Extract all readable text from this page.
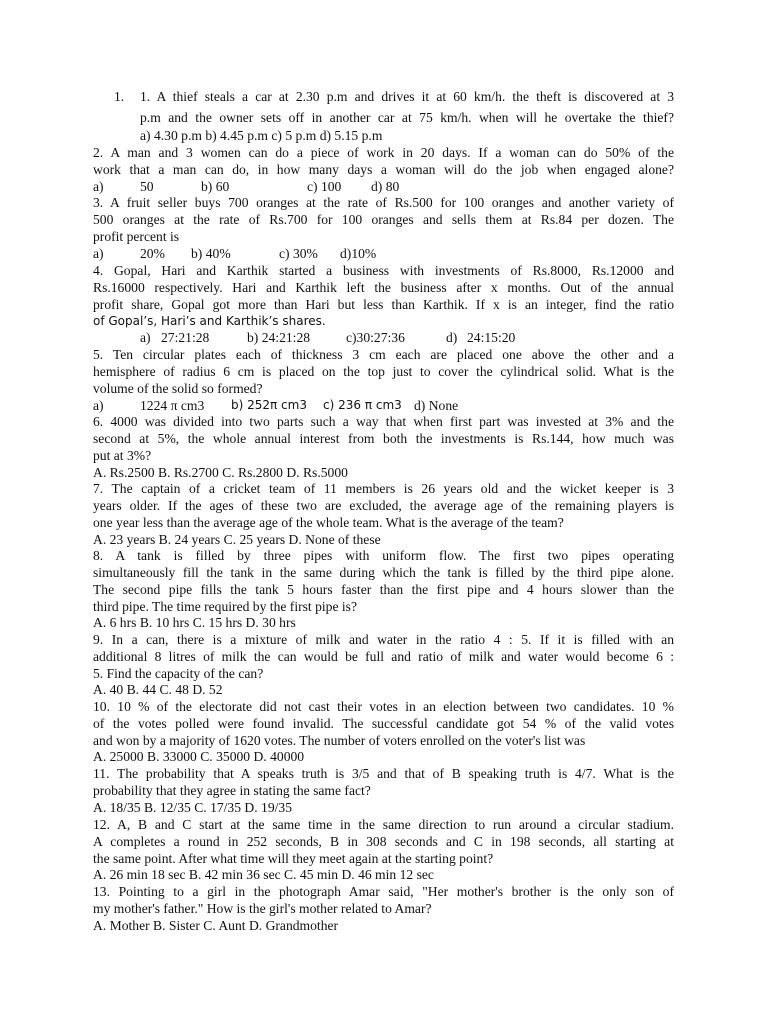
1. 1. A thief steals a car at 2.30 p.m and drives it at 60 km/h. the theft is discovered at 3
p.m and the owner sets off in another car at 75 km/h. when will he overtake the thief?
a) 4.30 p.m b) 4.45 p.m c) 5 p.m d) 5.15 p.m
2. A man and 3 women can do a piece of work in 20 days. If a woman can do 50% of the
work that a man can do, in how many days a woman will do the job when engaged alone?
a)	50	b) 60	c) 100 d) 80
3. A fruit seller buys 700 oranges at the rate of Rs.500 for 100 oranges and another variety of
500 oranges at the rate of Rs.700 for 100 oranges and sells them at Rs.84 per dozen. The
profit percent is
a)	20% b) 40%	c) 30% d)10%
4. Gopal, Hari and Karthik started a business with investments of Rs.8000, Rs.12000 and
Rs.16000 respectively. Hari and Karthik left the business after x months. Out of the annual
profit share, Gopal got more than Hari but less than Karthik. If x is an integer, find the ratio
of Gopal’s, Hari’s and Karthik’s shares.
a) 27:21:28	b) 24:21:28	c)30:27:36	d) 24:15:20
5. Ten circular plates each of thickness 3 cm each are placed one above the other and a
hemisphere of radius 6 cm is placed on the top just to cover the cylindrical solid. What is the
volume of the solid so formed?
a)	1224 π cm3 b) 252π cm3 c) 236 π cm3 d) None
6. 4000 was divided into two parts such a way that when first part was invested at 3% and the
second at 5%, the whole annual interest from both the investments is Rs.144, how much was
put at 3%?
A. Rs.2500 B. Rs.2700 C. Rs.2800 D. Rs.5000
7. The captain of a cricket team of 11 members is 26 years old and the wicket keeper is 3
years older. If the ages of these two are excluded, the average age of the remaining players is
one year less than the average age of the whole team. What is the average of the team?
A. 23 years B. 24 years C. 25 years D. None of these
8. A tank is filled by three pipes with uniform flow. The first two pipes operating
simultaneously fill the tank in the same during which the tank is filled by the third pipe alone.
The second pipe fills the tank 5 hours faster than the first pipe and 4 hours slower than the
third pipe. The time required by the first pipe is?
A. 6 hrs B. 10 hrs C. 15 hrs D. 30 hrs
9. In a can, there is a mixture of milk and water in the ratio 4 : 5. If it is filled with an
additional 8 litres of milk the can would be full and ratio of milk and water would become 6 :
5. Find the capacity of the can?
A. 40 B. 44 C. 48 D. 52
10. 10 % of the electorate did not cast their votes in an election between two candidates. 10 %
of the votes polled were found invalid. The successful candidate got 54 % of the valid votes
and won by a majority of 1620 votes. The number of voters enrolled on the voter's list was
A. 25000 B. 33000 C. 35000 D. 40000
11. The probability that A speaks truth is 3/5 and that of B speaking truth is 4/7. What is the
probability that they agree in stating the same fact?
A. 18/35 B. 12/35 C. 17/35 D. 19/35
12. A, B and C start at the same time in the same direction to run around a circular stadium.
A completes a round in 252 seconds, B in 308 seconds and C in 198 seconds, all starting at
the same point. After what time will they meet again at the starting point?
A. 26 min 18 sec B. 42 min 36 sec C. 45 min D. 46 min 12 sec
13. Pointing to a girl in the photograph Amar said, "Her mother's brother is the only son of
my mother's father." How is the girl's mother related to Amar?
A. Mother B. Sister C. Aunt D. Grandmother
